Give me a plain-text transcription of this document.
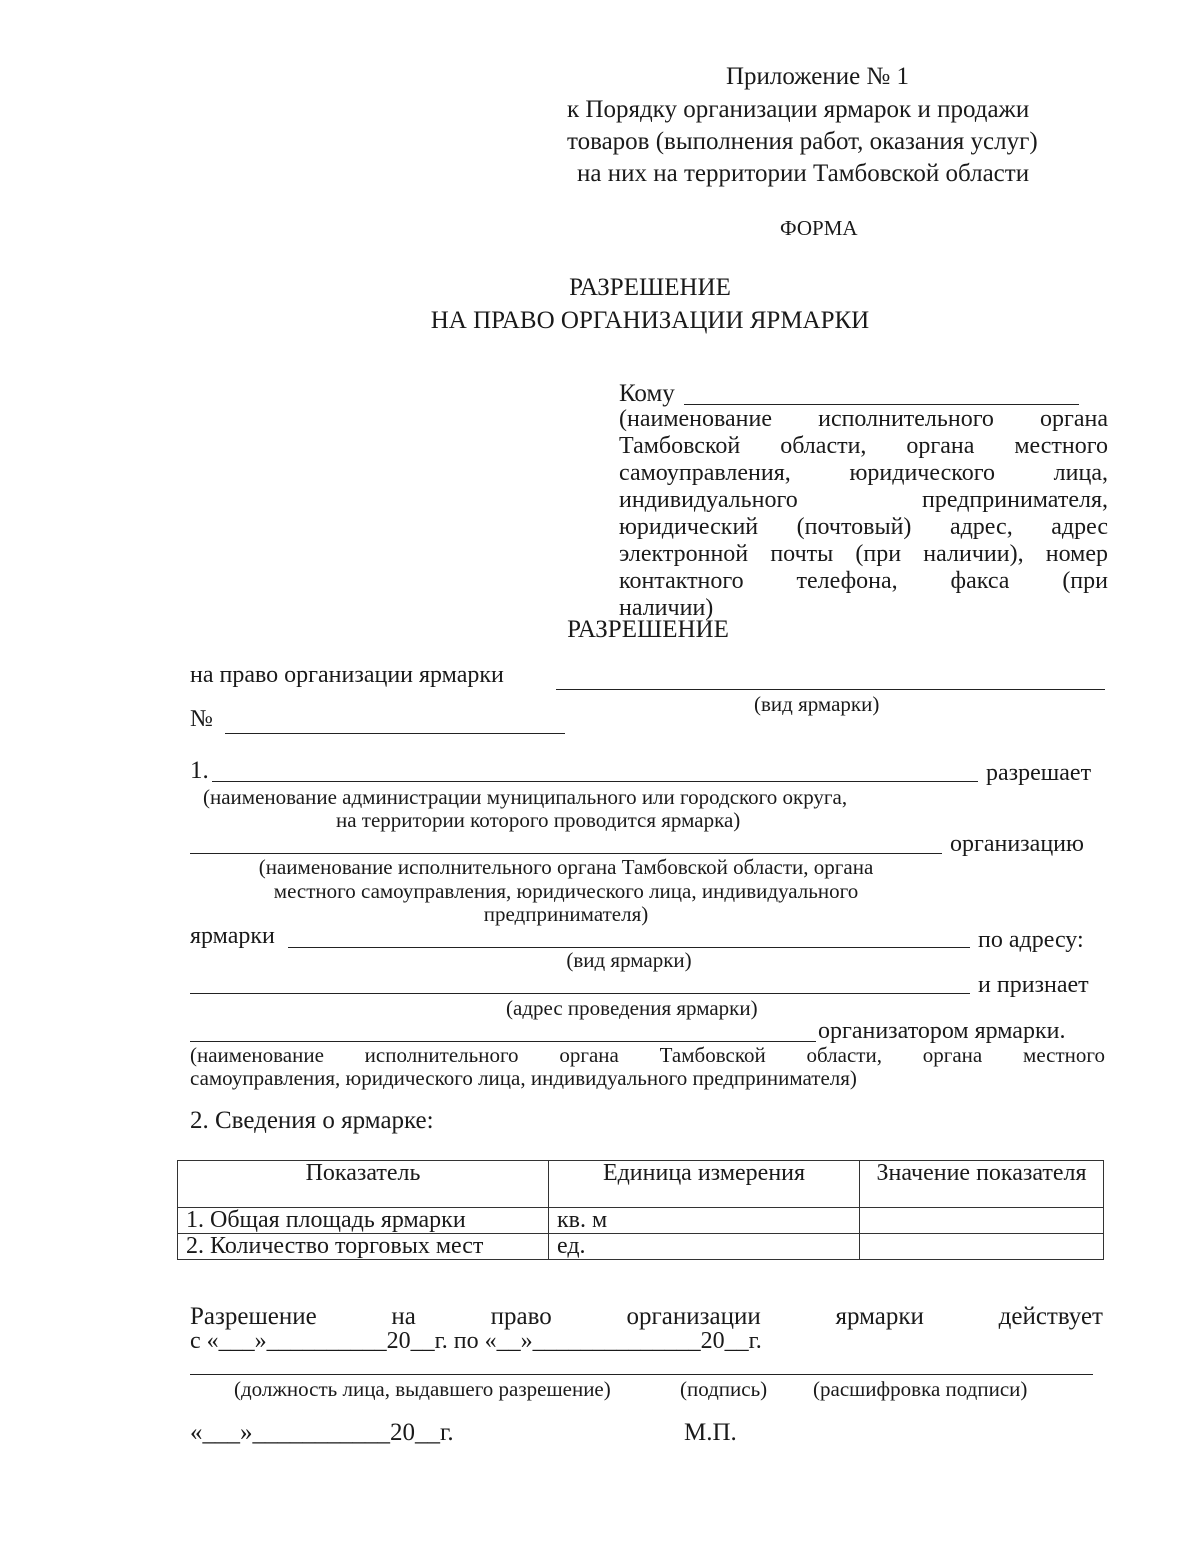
Приложение № 1
к Порядку организации ярмарок и продажи
товаров (выполнения работ, оказания услуг)
на них на территории Тамбовской области
ФОРМА
РАЗРЕШЕНИЕ
НА ПРАВО ОРГАНИЗАЦИИ ЯРМАРКИ
Кому
(наименование исполнительного органа
Тамбовской области, органа местного
самоуправления, юридического лица,
индивидуального предпринимателя,
юридический (почтовый) адрес, адрес
электронной почты (при наличии), номер
контактного телефона, факса (при
наличии)
РАЗРЕШЕНИЕ
на право организации ярмарки
(вид ярмарки)
№
1.	разрешает
(наименование администрации муниципального или городского округа,
на территории которого проводится ярмарка)
организацию
(наименование исполнительного органа Тамбовской области, органа
местного самоуправления, юридического лица, индивидуального
предпринимателя)
ярмарки	по адресу:
(вид ярмарки)
и признает
(адрес проведения ярмарки)
организатором ярмарки.
(наименование исполнительного органа Тамбовской области, органа местного
самоуправления, юридического лица, индивидуального предпринимателя)
2. Сведения о ярмарке:
Показатель	Единица измерения	Значение показателя
1. Общая площадь ярмарки	кв. м	
2. Количество торговых мест	ед.	
Разрешение на право организации ярмарки действует
с «___»__________20__г. по «__»______________20__г.
(должность лица, выдавшего разрешение)	(подпись) (расшифровка подписи)
«___»___________20__г.	М.П.
